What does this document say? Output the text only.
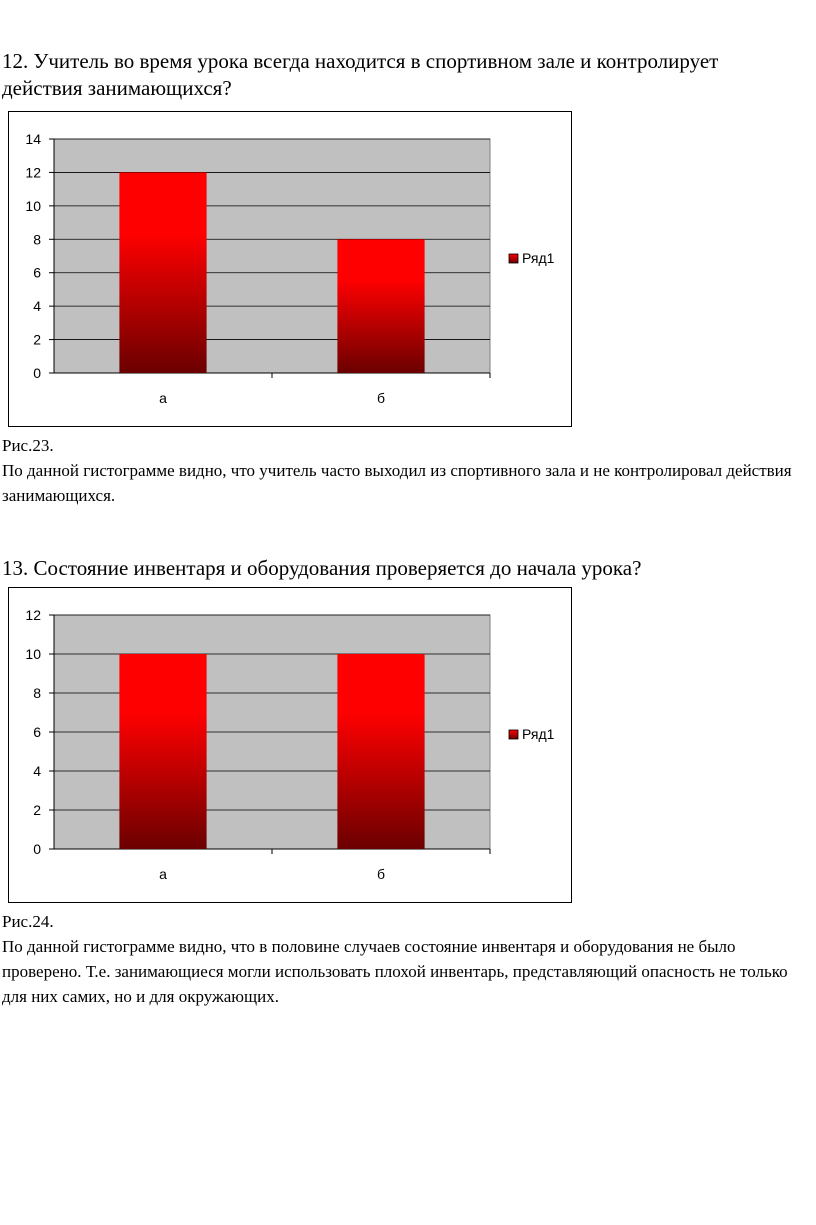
12. Учитель во время урока всегда находится в спортивном зале и контролирует действия занимающихся?
0
2
4
6
8
10
12
14
а	б
Ряд1

Рис.23.

По данной гистограмме видно, что учитель часто выходил из спортивного зала и не контролировал действия занимающихся.

13. Состояние инвентаря и оборудования проверяется до начала урока?
0
2
4
6
8
10
12
а	б
Ряд1

Рис.24.

По данной гистограмме видно, что в половине случаев состояние инвентаря и оборудования не было проверено. Т.е. занимающиеся могли использовать плохой инвентарь, представляющий опасность не только для них самих, но и для окружающих.
